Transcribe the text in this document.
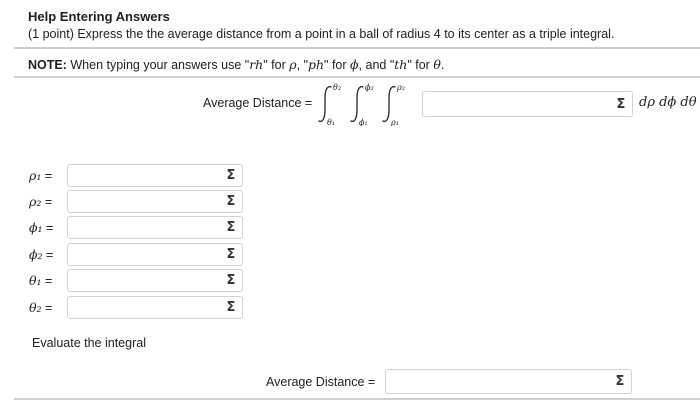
Help Entering Answers
(1 point) Express the the average distance from a point in a ball of radius 4 to its center as a triple integral.
NOTE: When typing your answers use "rh" for ρ, "ph" for ϕ, and "th" for θ.
Average Distance =
θ₂
θ₁
ϕ₂
ϕ₁
ρ₂
ρ₁
Σ	dρ dϕ dθ
ρ₁ =	Σ
ρ₂ =	Σ
ϕ₁ =	Σ
ϕ₂ =	Σ
θ₁ =	Σ
θ₂ =	Σ
Evaluate the integral
Average Distance =	Σ
